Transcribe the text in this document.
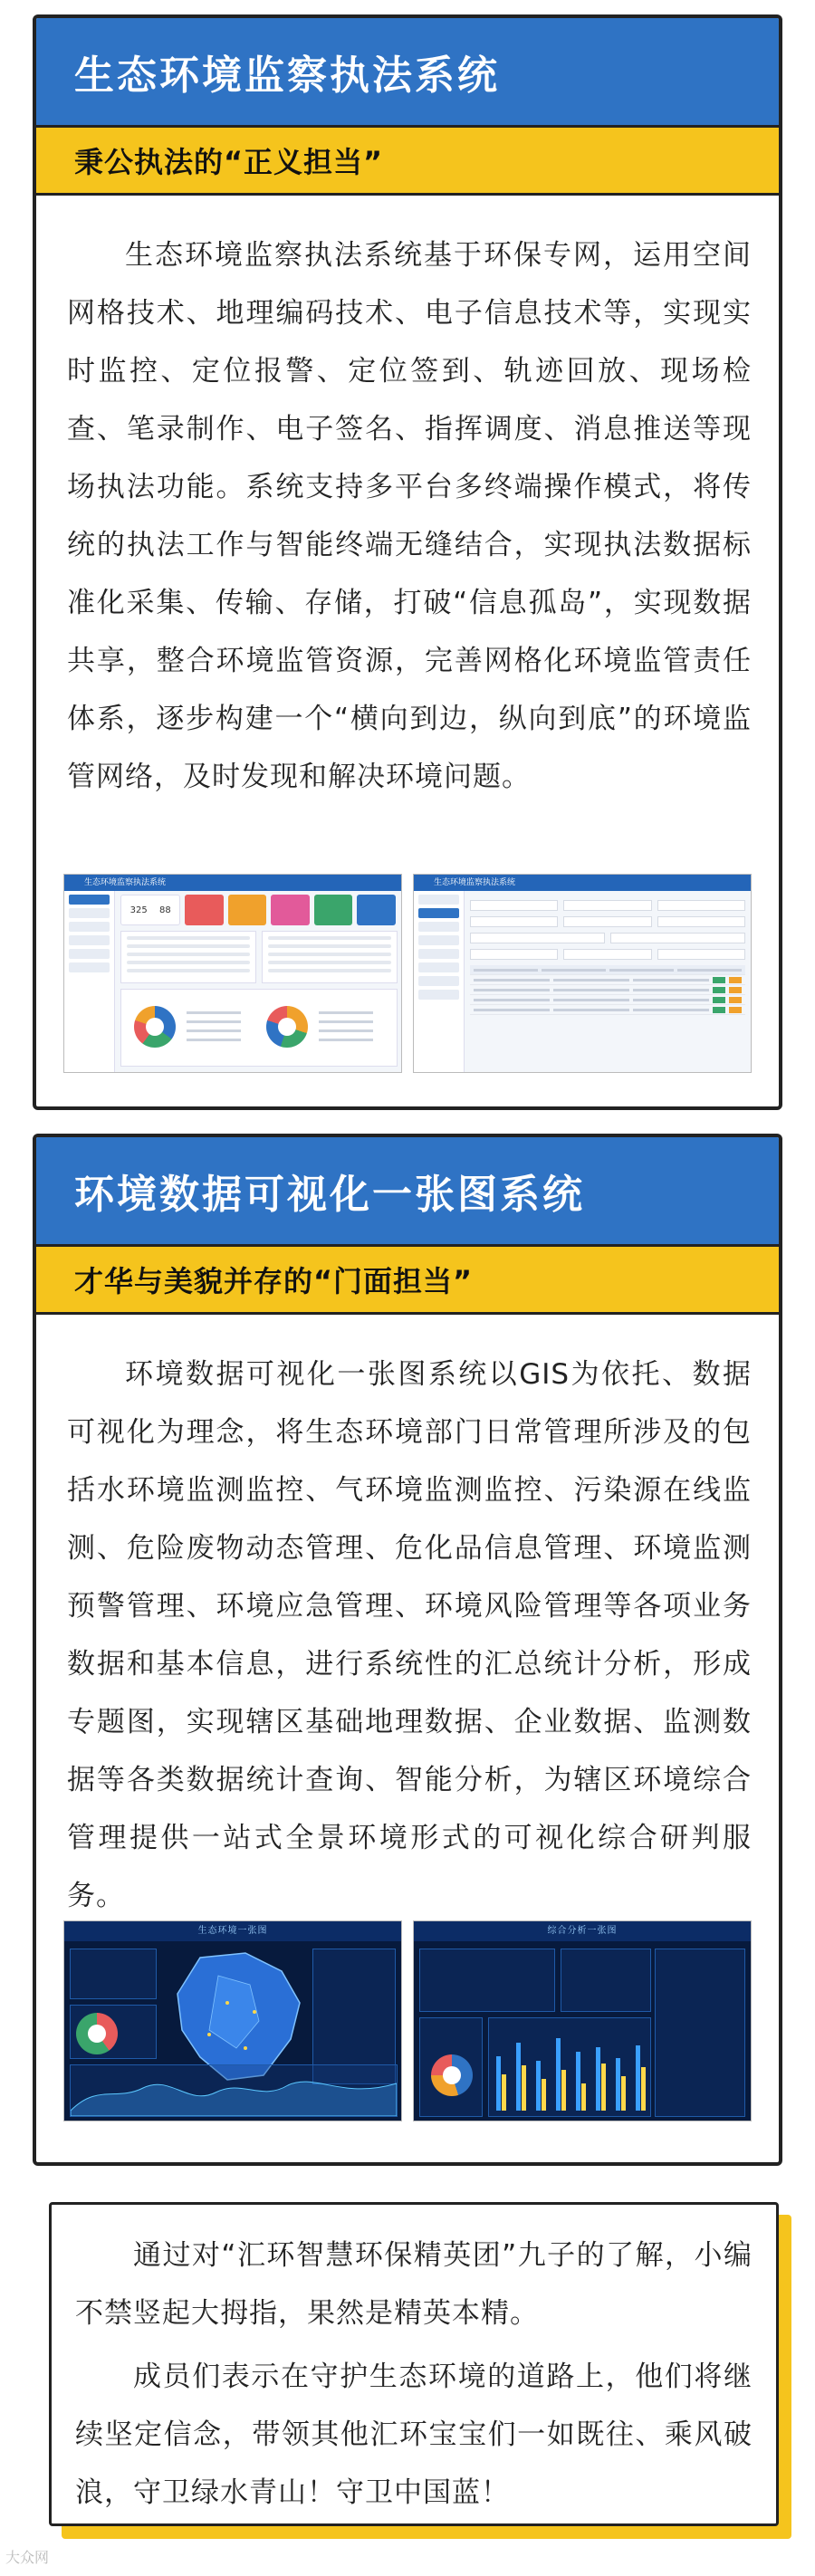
生态环境监察执法系统
秉公执法的“正义担当”

生态环境监察执法系统基于环保专网，运用空间网格技术、地理编码技术、电子信息技术等，实现实时监控、定位报警、定位签到、轨迹回放、现场检查、笔录制作、电子签名、指挥调度、消息推送等现场执法功能。系统支持多平台多终端操作模式，将传统的执法工作与智能终端无缝结合，实现执法数据标准化采集、传输、存储，打破“信息孤岛”，实现数据共享，整合环境监管资源，完善网格化环境监管责任体系，逐步构建一个“横向到边，纵向到底”的环境监管网络，及时发现和解决环境问题。

生态环境监察执法系统
325 88
生态环境监察执法系统
环境数据可视化一张图系统
才华与美貌并存的“门面担当”

环境数据可视化一张图系统以GIS为依托、数据可视化为理念，将生态环境部门日常管理所涉及的包括水环境监测监控、气环境监测监控、污染源在线监测、危险废物动态管理、危化品信息管理、环境监测预警管理、环境应急管理、环境风险管理等各项业务数据和基本信息，进行系统性的汇总统计分析，形成专题图，实现辖区基础地理数据、企业数据、监测数据等各类数据统计查询、智能分析，为辖区环境综合管理提供一站式全景环境形式的可视化综合研判服务。

生态环境一张图	综合分析一张图

通过对“汇环智慧环保精英团”九子的了解，小编不禁竖起大拇指，果然是精英本精。

成员们表示在守护生态环境的道路上，他们将继续坚定信念，带领其他汇环宝宝们一如既往、乘风破浪，守卫绿水青山！守卫中国蓝！

大众网
